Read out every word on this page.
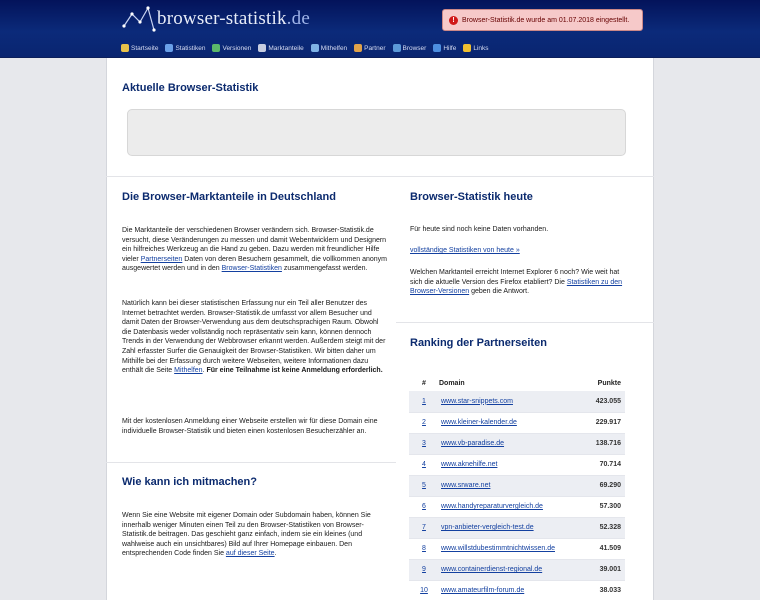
browser-statistik.de	!	Browser-Statistik.de wurde am 01.07.2018 eingestellt.
Startseite	Statistiken	Versionen	Marktanteile	Mithelfen	Partner	Browser	Hilfe	Links
Aktuelle Browser-Statistik
Die Browser-Marktanteile in Deutschland

Die Marktanteile der verschiedenen Browser verändern sich. Browser-Statistik.de versucht, diese Veränderungen zu messen und damit Webentwicklern und Designern ein hilfreiches Werkzeug an die Hand zu geben. Dazu werden mit freundlicher Hilfe vieler Partnerseiten Daten von deren Besuchern gesammelt, die vollkommen anonym ausgewertet werden und in den Browser-Statistiken zusammengefasst werden.

Natürlich kann bei dieser statistischen Erfassung nur ein Teil aller Benutzer des Internet betrachtet werden. Browser-Statistik.de umfasst vor allem Besucher und damit Daten der Browser-Verwendung aus dem deutschsprachigen Raum. Obwohl die Datenbasis weder vollständig noch repräsentativ sein kann, können dennoch Trends in der Verwendung der Webbrowser erkannt werden. Außerdem steigt mit der Zahl erfasster Surfer die Genauigkeit der Browser-Statistiken. Wir bitten daher um Mithilfe bei der Erfassung durch weitere Webseiten, weitere Informationen dazu enthält die Seite Mithelfen. Für eine Teilnahme ist keine Anmeldung erforderlich.

Mit der kostenlosen Anmeldung einer Webseite erstellen wir für diese Domain eine individuelle Browser-Statistik und bieten einen kostenlosen Besucherzähler an.

Wie kann ich mitmachen?

Wenn Sie eine Website mit eigener Domain oder Subdomain haben, können Sie innerhalb weniger Minuten einen Teil zu den Browser-Statistiken von Browser-Statistik.de beitragen. Das geschieht ganz einfach, indem sie ein kleines (und wahlweise auch ein unsichtbares) Bild auf Ihrer Homepage einbauen. Den entsprechenden Code finden Sie auf dieser Seite.

Browser-Statistik heute

Für heute sind noch keine Daten vorhanden.

vollständige Statistiken von heute »

Welchen Marktanteil erreicht Internet Explorer 6 noch? Wie weit hat sich die aktuelle Version des Firefox etabliert? Die Statistiken zu den Browser-Versionen geben die Antwort.

Ranking der Partnerseiten
#	Domain	Punkte
1	www.star-snippets.com	423.055
2	www.kleiner-kalender.de	229.917
3	www.vb-paradise.de	138.716
4	www.aknehilfe.net	70.714
5	www.srware.net	69.290
6	www.handyreparaturvergleich.de	57.300
7	vpn-anbieter-vergleich-test.de	52.328
8	www.willstdubestimmtnichtwissen.de	41.509
9	www.containerdienst-regional.de	39.001
10	www.amateurfilm-forum.de	38.033
